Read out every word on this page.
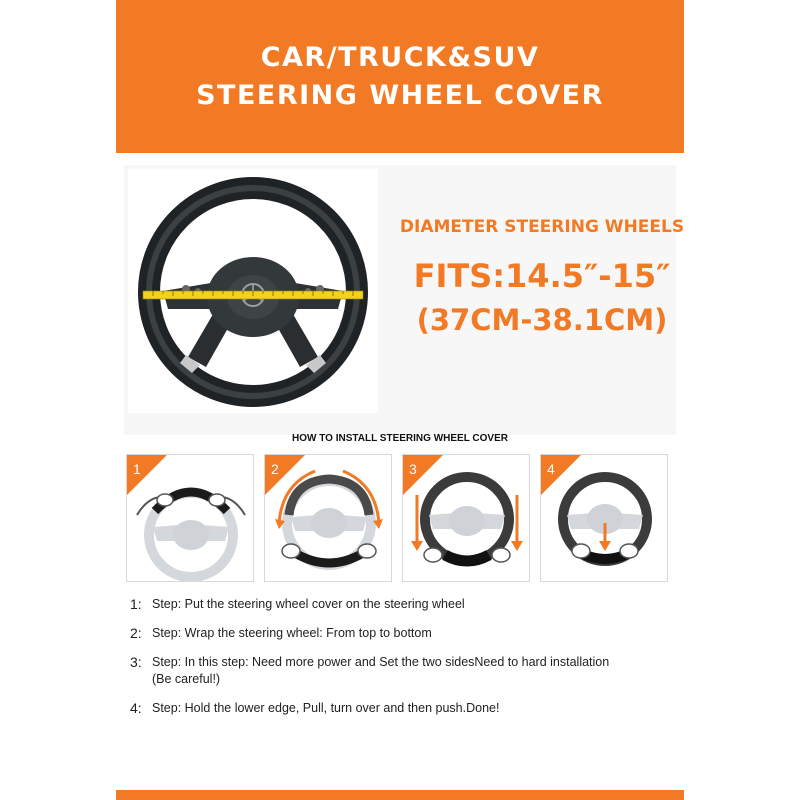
CAR/TRUCK&SUV
STEERING WHEEL COVER
DIAMETER STEERING WHEELS
FITS:14.5″-15″
(37CM-38.1CM)
HOW TO INSTALL STEERING WHEEL COVER
1	2	3	4
1: Step: Put the steering wheel cover on the steering wheel
2: Step: Wrap the steering wheel: From top to bottom
3: Step: In this step: Need more power and Set the two sidesNeed to hard installation
(Be careful!)
4: Step: Hold the lower edge, Pull, turn over and then push.Done!
